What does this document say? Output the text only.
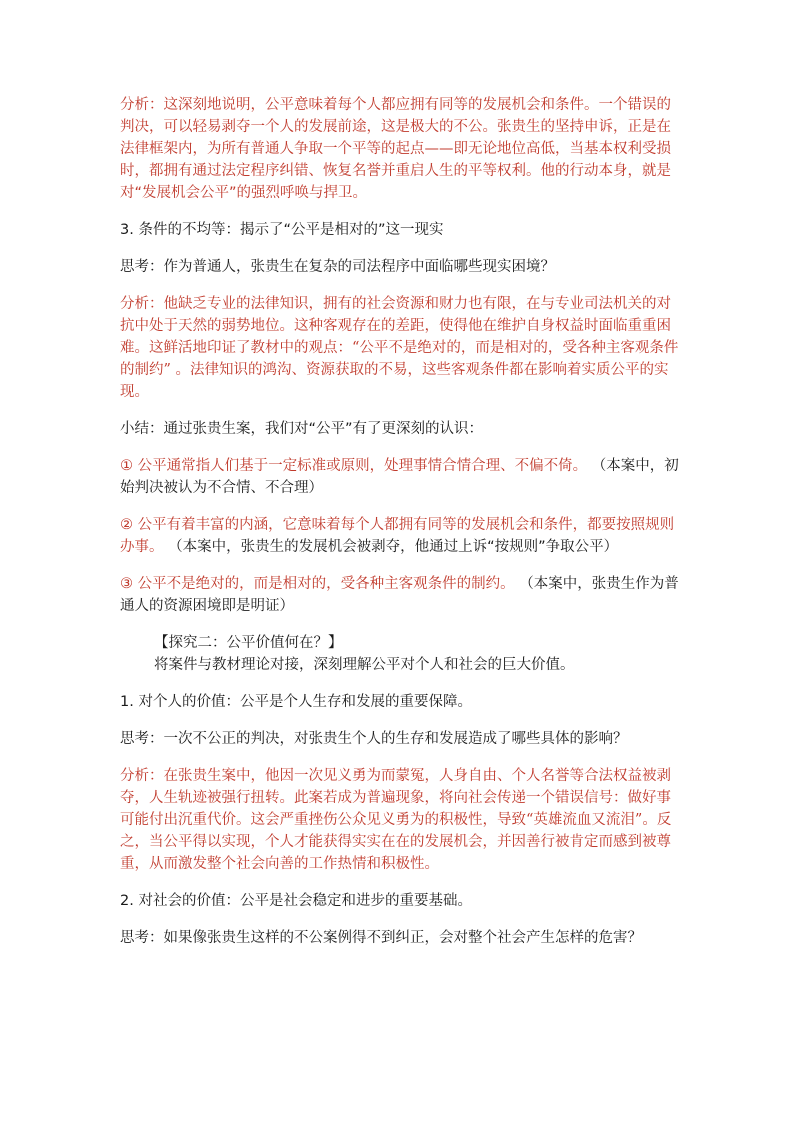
分析：这深刻地说明，公平意味着每个人都应拥有同等的发展机会和条件。一个错误的判决，可以轻易剥夺一个人的发展前途，这是极大的不公。张贵生的坚持申诉，正是在法律框架内，为所有普通人争取一个平等的起点——即无论地位高低，当基本权利受损时，都拥有通过法定程序纠错、恢复名誉并重启人生的平等权利。他的行动本身，就是对“发展机会公平”的强烈呼唤与捍卫。

3. 条件的不均等：揭示了“公平是相对的”这一现实

思考：作为普通人，张贵生在复杂的司法程序中面临哪些现实困境？

分析：他缺乏专业的法律知识，拥有的社会资源和财力也有限，在与专业司法机关的对抗中处于天然的弱势地位。这种客观存在的差距，使得他在维护自身权益时面临重重困难。这鲜活地印证了教材中的观点：“公平不是绝对的，而是相对的，受各种主客观条件的制约” 。法律知识的鸿沟、资源获取的不易，这些客观条件都在影响着实质公平的实现。

小结：通过张贵生案，我们对“公平”有了更深刻的认识：

① 公平通常指人们基于一定标准或原则，处理事情合情合理、不偏不倚。 （本案中，初始判决被认为不合情、不合理）

② 公平有着丰富的内涵，它意味着每个人都拥有同等的发展机会和条件，都要按照规则办事。 （本案中，张贵生的发展机会被剥夺，他通过上诉“按规则”争取公平）

③ 公平不是绝对的，而是相对的，受各种主客观条件的制约。 （本案中，张贵生作为普通人的资源困境即是明证）

【探究二：公平价值何在？】

将案件与教材理论对接，深刻理解公平对个人和社会的巨大价值。

1. 对个人的价值：公平是个人生存和发展的重要保障。

思考：一次不公正的判决，对张贵生个人的生存和发展造成了哪些具体的影响？

分析：在张贵生案中，他因一次见义勇为而蒙冤，人身自由、个人名誉等合法权益被剥夺，人生轨迹被强行扭转。此案若成为普遍现象，将向社会传递一个错误信号：做好事可能付出沉重代价。这会严重挫伤公众见义勇为的积极性，导致“英雄流血又流泪”。反之，当公平得以实现，个人才能获得实实在在的发展机会，并因善行被肯定而感到被尊重，从而激发整个社会向善的工作热情和积极性。

2. 对社会的价值：公平是社会稳定和进步的重要基础。

思考：如果像张贵生这样的不公案例得不到纠正，会对整个社会产生怎样的危害？
